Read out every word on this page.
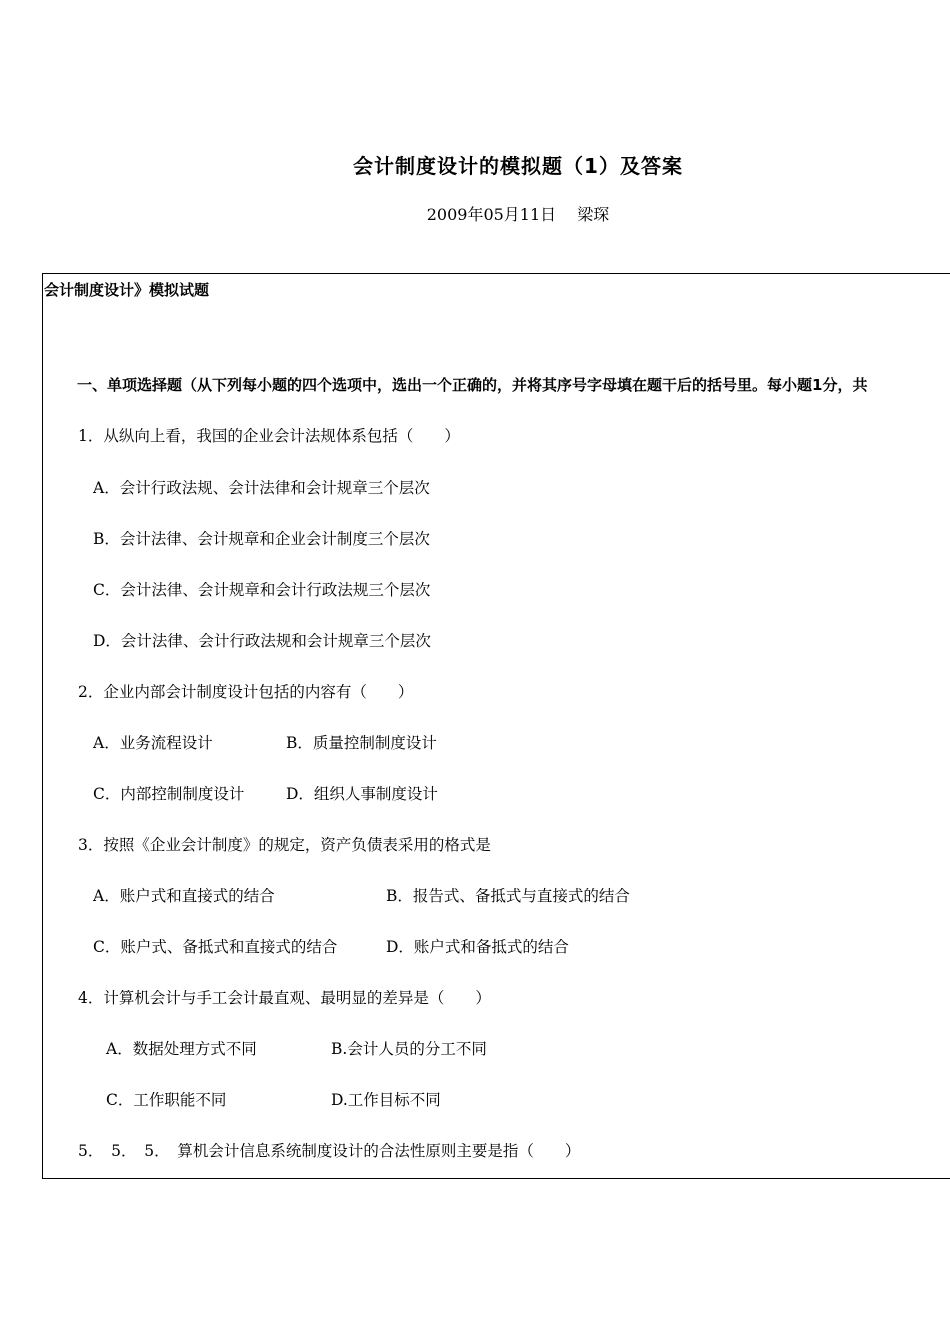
会计制度设计的模拟题（1）及答案
2009年05月11日 梁琛
会计制度设计》模拟试题
一、单项选择题（从下列每小题的四个选项中，选出一个正确的，并将其序号字母填在题干后的括号里。每小题1分，共
1．从纵向上看，我国的企业会计法规体系包括（　　）
A．会计行政法规、会计法律和会计规章三个层次
B．会计法律、会计规章和企业会计制度三个层次
C．会计法律、会计规章和会计行政法规三个层次
D．会计法律、会计行政法规和会计规章三个层次
2．企业内部会计制度设计包括的内容有（　　）
A．业务流程设计	B．质量控制制度设计
C．内部控制制度设计	D．组织人事制度设计
3．按照《企业会计制度》的规定，资产负债表采用的格式是
A．账户式和直接式的结合	B．报告式、备抵式与直接式的结合
C．账户式、备抵式和直接式的结合	D．账户式和备抵式的结合
4．计算机会计与手工会计最直观、最明显的差异是（　　）
A．数据处理方式不同	B.会计人员的分工不同
C．工作职能不同	D.工作目标不同
5．　5．　5．　算机会计信息系统制度设计的合法性原则主要是指（　　）
